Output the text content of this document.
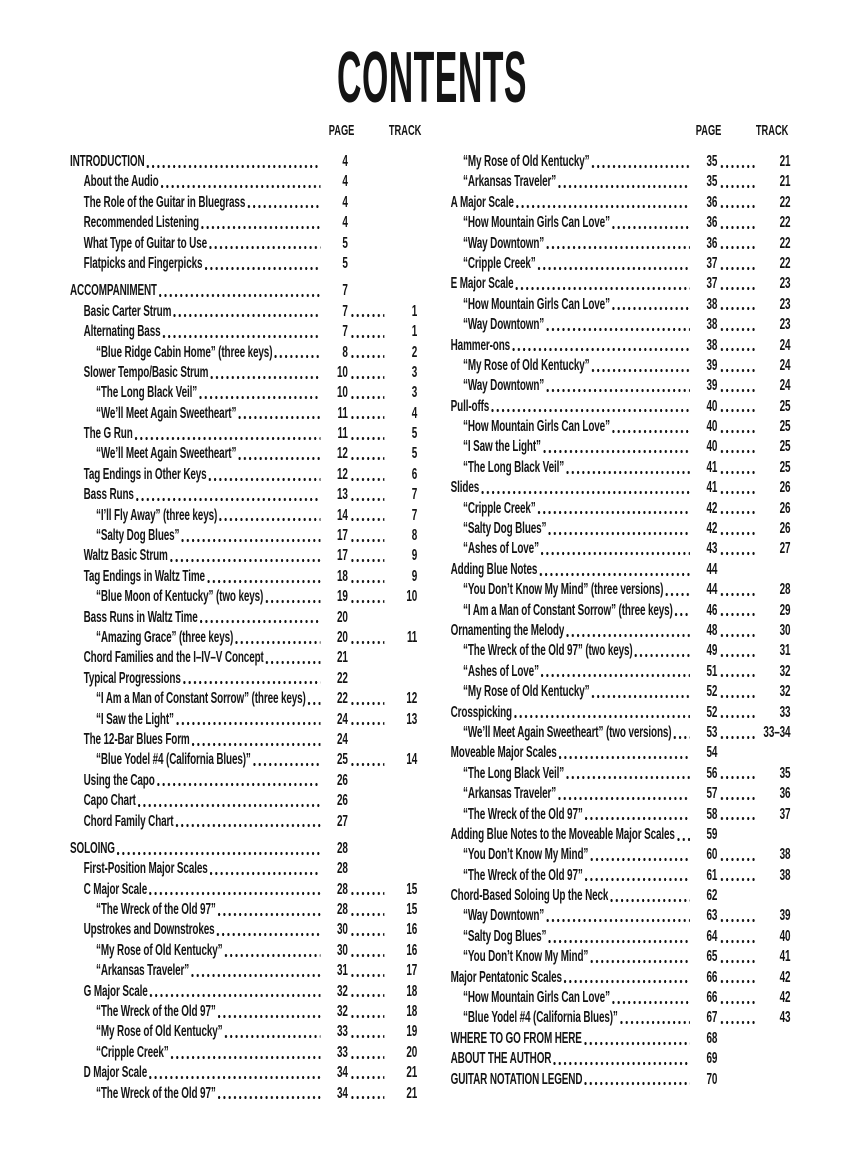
CONTENTS
PAGE	TRACK
INTRODUCTION	4
About the Audio	4
The Role of the Guitar in Bluegrass	4
Recommended Listening	4
What Type of Guitar to Use	5
Flatpicks and Fingerpicks	5
ACCOMPANIMENT	7
Basic Carter Strum	7	1
Alternating Bass	7	1
“Blue Ridge Cabin Home” (three keys)	8	2
Slower Tempo/Basic Strum	10	3
“The Long Black Veil”	10	3
“We’ll Meet Again Sweetheart”	11	4
The G Run	11	5
“We’ll Meet Again Sweetheart”	12	5
Tag Endings in Other Keys	12	6
Bass Runs	13	7
“I’ll Fly Away” (three keys)	14	7
“Salty Dog Blues”	17	8
Waltz Basic Strum	17	9
Tag Endings in Waltz Time	18	9
“Blue Moon of Kentucky” (two keys)	19	10
Bass Runs in Waltz Time	20
“Amazing Grace” (three keys)	20	11
Chord Families and the I–IV–V Concept	21
Typical Progressions	22
“I Am a Man of Constant Sorrow” (three keys)	22	12
“I Saw the Light”	24	13
The 12-Bar Blues Form	24
“Blue Yodel #4 (California Blues)”	25	14
Using the Capo	26
Capo Chart	26
Chord Family Chart	27
SOLOING	28
First-Position Major Scales	28
C Major Scale	28	15
“The Wreck of the Old 97”	28	15
Upstrokes and Downstrokes	30	16
“My Rose of Old Kentucky”	30	16
“Arkansas Traveler”	31	17
G Major Scale	32	18
“The Wreck of the Old 97”	32	18
“My Rose of Old Kentucky”	33	19
“Cripple Creek”	33	20
D Major Scale	34	21
“The Wreck of the Old 97”	34	21
PAGE	TRACK
“My Rose of Old Kentucky”	35	21
“Arkansas Traveler”	35	21
A Major Scale	36	22
“How Mountain Girls Can Love”	36	22
“Way Downtown”	36	22
“Cripple Creek”	37	22
E Major Scale	37	23
“How Mountain Girls Can Love”	38	23
“Way Downtown”	38	23
Hammer-ons	38	24
“My Rose of Old Kentucky”	39	24
“Way Downtown”	39	24
Pull-offs	40	25
“How Mountain Girls Can Love”	40	25
“I Saw the Light”	40	25
“The Long Black Veil”	41	25
Slides	41	26
“Cripple Creek”	42	26
“Salty Dog Blues”	42	26
“Ashes of Love”	43	27
Adding Blue Notes	44
“You Don’t Know My Mind” (three versions)	44	28
“I Am a Man of Constant Sorrow” (three keys)	46	29
Ornamenting the Melody	48	30
“The Wreck of the Old 97” (two keys)	49	31
“Ashes of Love”	51	32
“My Rose of Old Kentucky”	52	32
Crosspicking	52	33
“We’ll Meet Again Sweetheart” (two versions)	53	33–34
Moveable Major Scales	54
“The Long Black Veil”	56	35
“Arkansas Traveler”	57	36
“The Wreck of the Old 97”	58	37
Adding Blue Notes to the Moveable Major Scales	59
“You Don’t Know My Mind”	60	38
“The Wreck of the Old 97”	61	38
Chord-Based Soloing Up the Neck	62
“Way Downtown”	63	39
“Salty Dog Blues”	64	40
“You Don’t Know My Mind”	65	41
Major Pentatonic Scales	66	42
“How Mountain Girls Can Love”	66	42
“Blue Yodel #4 (California Blues)”	67	43
WHERE TO GO FROM HERE	68
ABOUT THE AUTHOR	69
GUITAR NOTATION LEGEND	70
